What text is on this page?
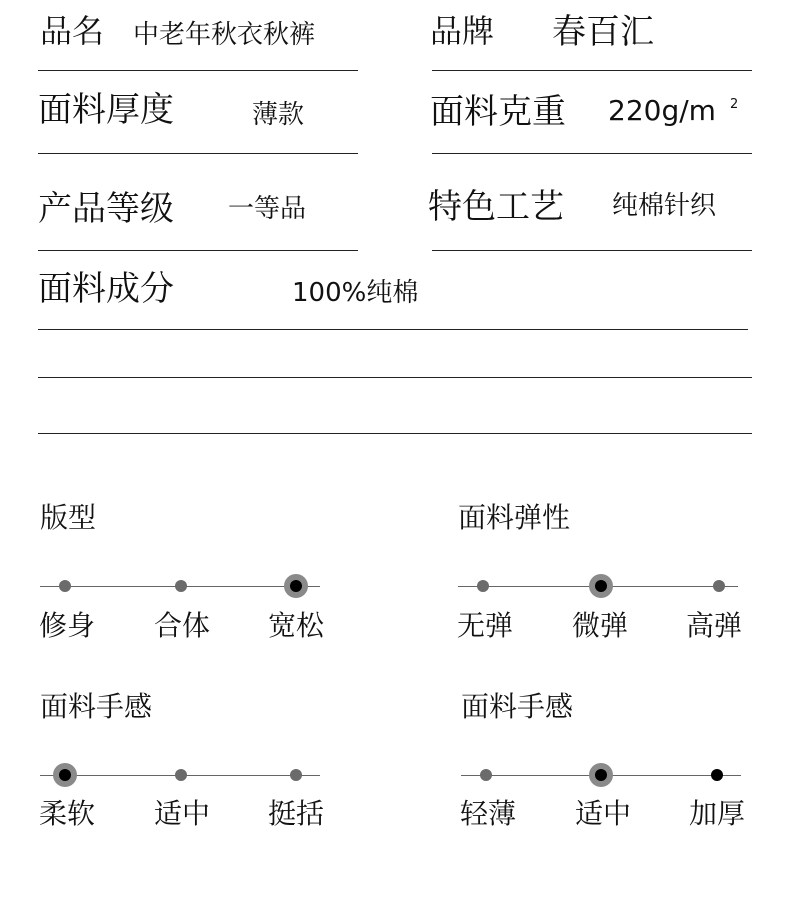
品名 中老年秋衣秋裤	品牌 春百汇
面料厚度	薄款	面料克重 220g/m 2
产品等级 一等品	特色工艺 纯棉针织
面料成分	100%纯棉
版型
修身 合体 宽松
面料弹性
无弹 微弹 高弹
面料手感
柔软 适中 挺括
面料手感
轻薄 适中 加厚
